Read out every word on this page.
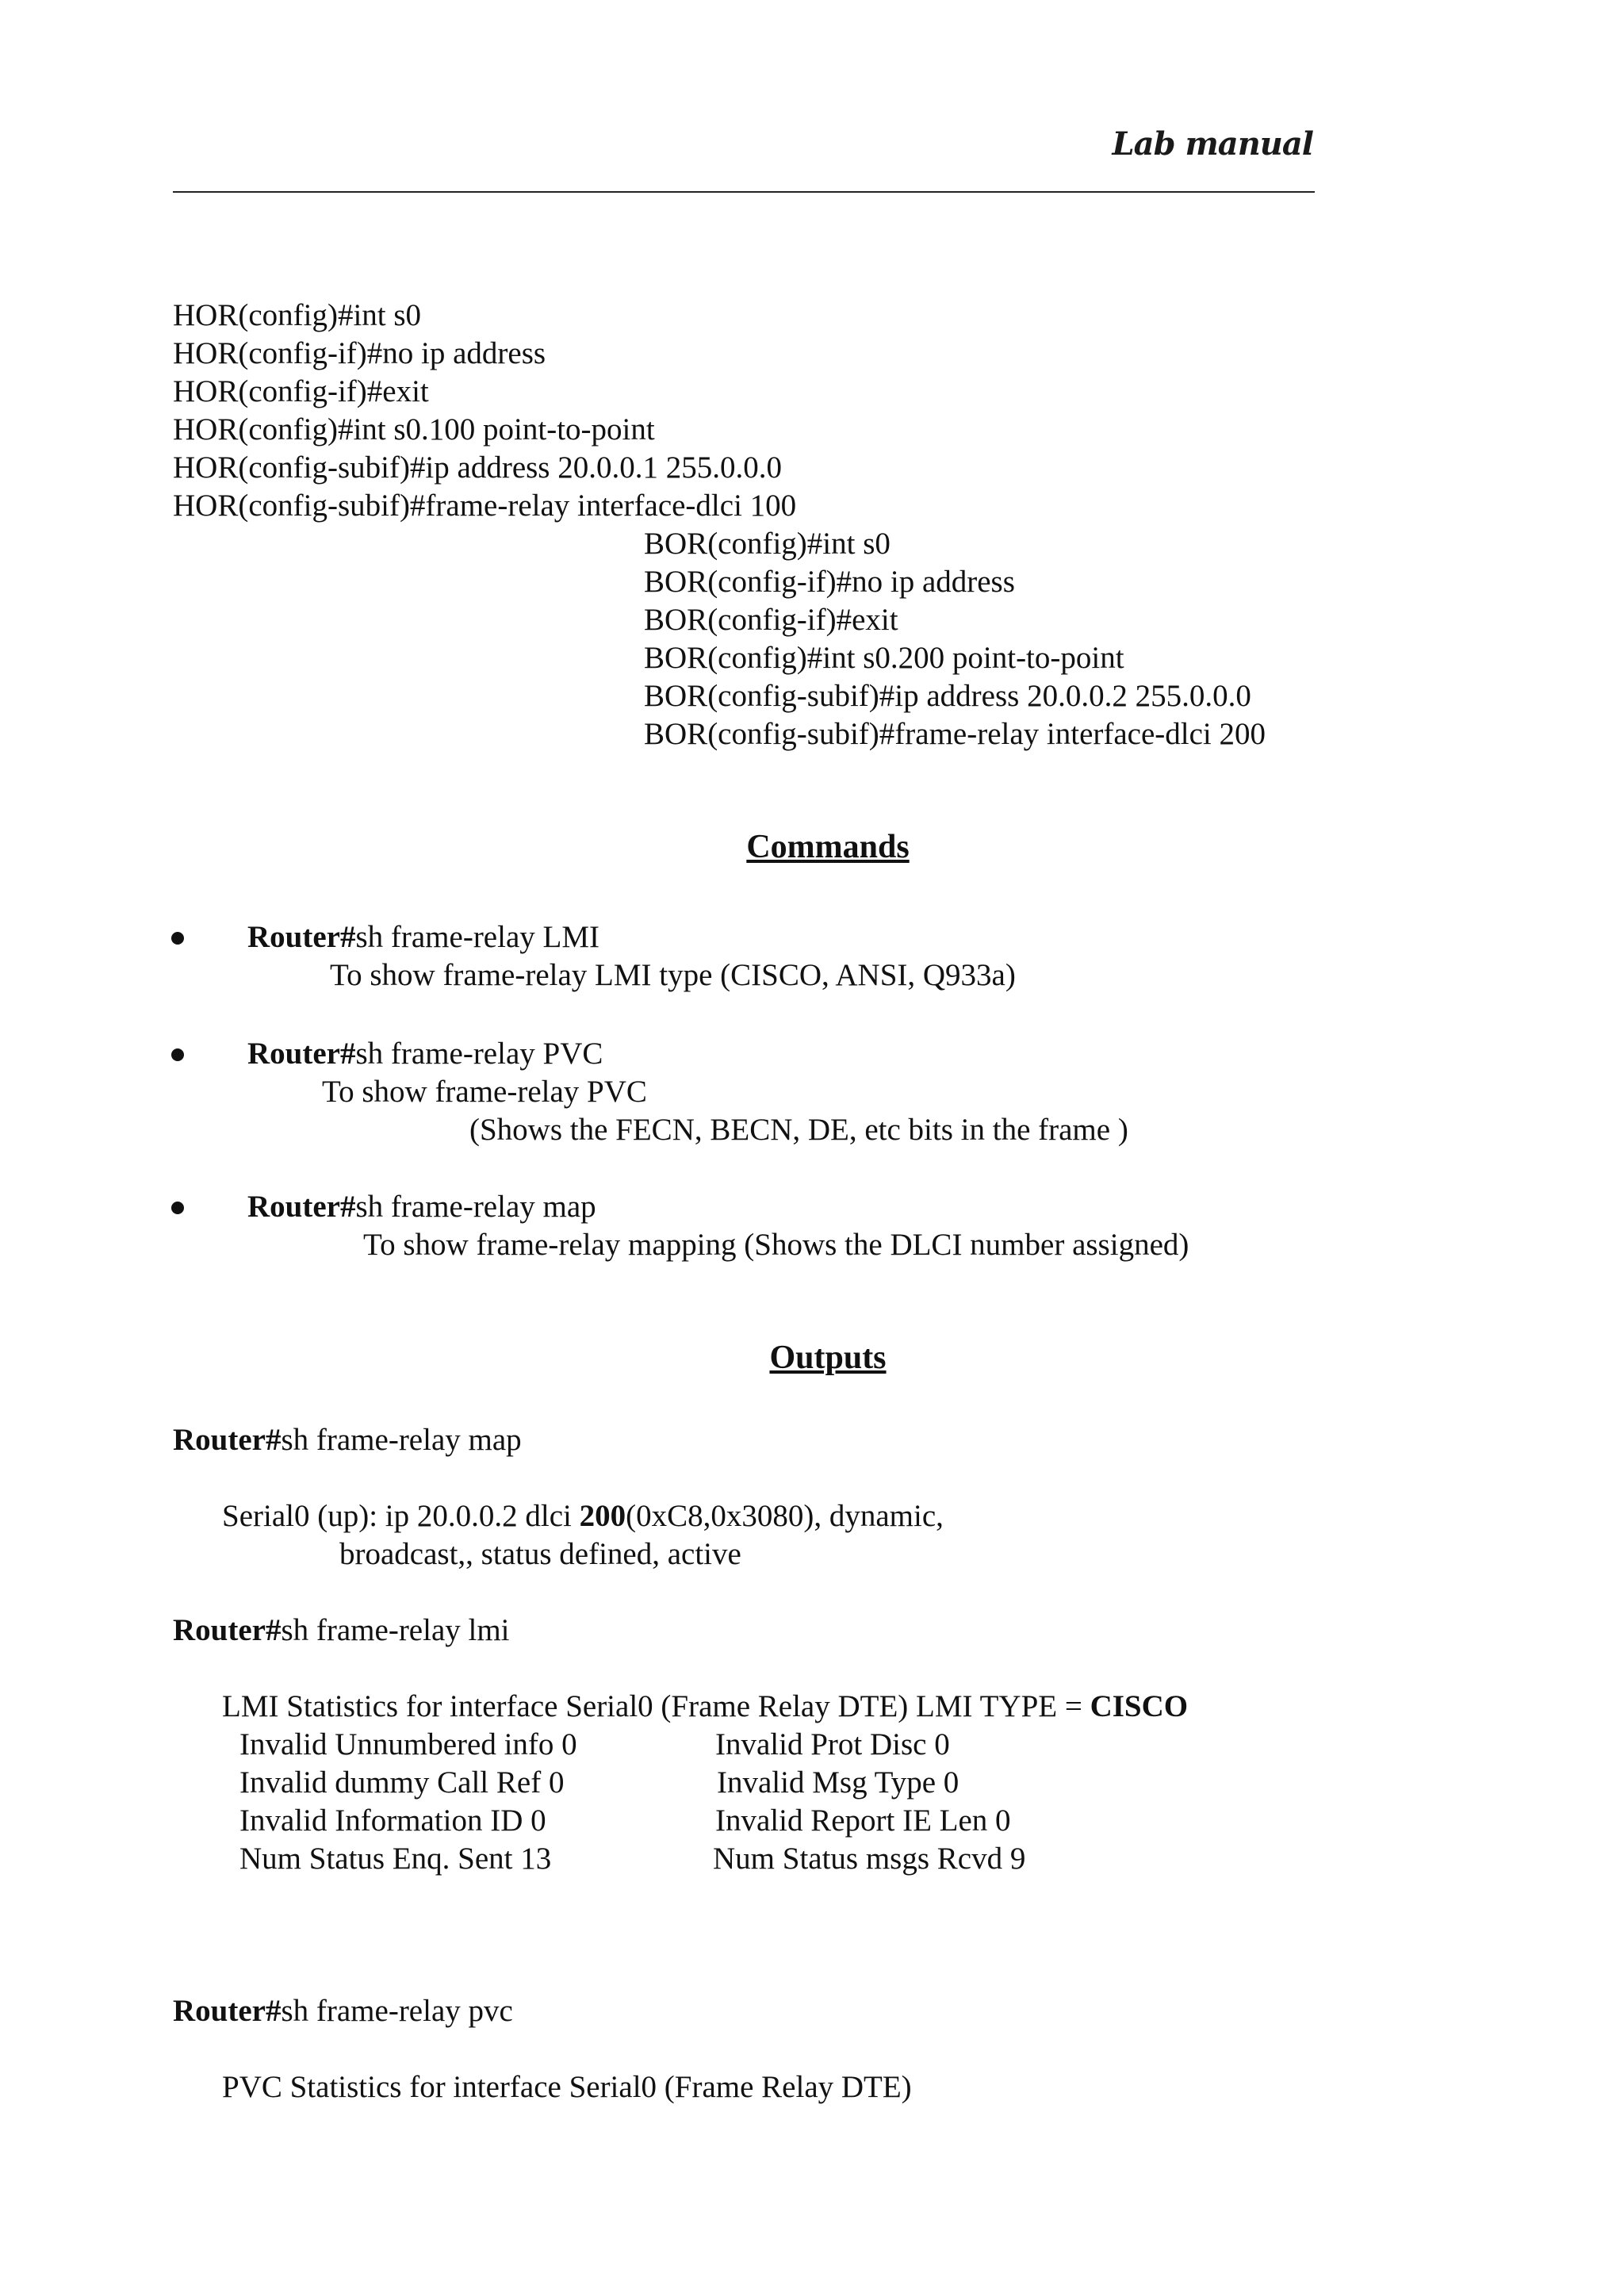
Lab manual
HOR(config)#int s0
HOR(config-if)#no ip address
HOR(config-if)#exit
HOR(config)#int s0.100 point-to-point
HOR(config-subif)#ip address 20.0.0.1 255.0.0.0
HOR(config-subif)#frame-relay interface-dlci 100
BOR(config)#int s0
BOR(config-if)#no ip address
BOR(config-if)#exit
BOR(config)#int s0.200 point-to-point
BOR(config-subif)#ip address 20.0.0.2 255.0.0.0
BOR(config-subif)#frame-relay interface-dlci 200
Commands
Router#sh frame-relay LMI
To show frame-relay LMI type (CISCO, ANSI, Q933a)
Router#sh frame-relay PVC
To show frame-relay PVC
(Shows the FECN, BECN, DE, etc bits in the frame )
Router#sh frame-relay map
To show frame-relay mapping (Shows the DLCI number assigned)
Outputs
Router#sh frame-relay map
Serial0 (up): ip 20.0.0.2 dlci 200(0xC8,0x3080), dynamic,
broadcast,, status defined, active
Router#sh frame-relay lmi
LMI Statistics for interface Serial0 (Frame Relay DTE) LMI TYPE = CISCO
Invalid Unnumbered info 0	Invalid Prot Disc 0
Invalid dummy Call Ref 0	Invalid Msg Type 0
Invalid Information ID 0	Invalid Report IE Len 0
Num Status Enq. Sent 13	Num Status msgs Rcvd 9
Router#sh frame-relay pvc
PVC Statistics for interface Serial0 (Frame Relay DTE)
